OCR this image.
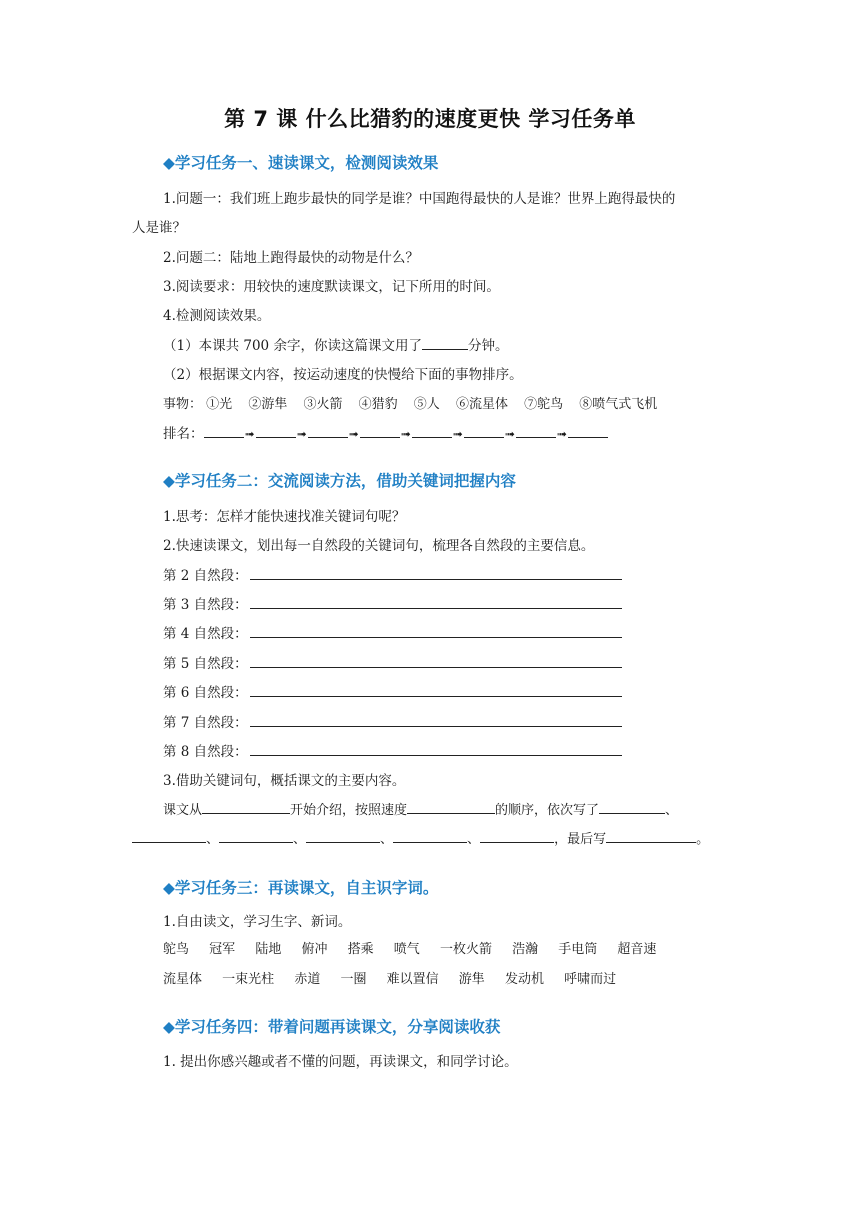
第 7 课 什么比猎豹的速度更快 学习任务单
◆学习任务一、速读课文，检测阅读效果
1.问题一：我们班上跑步最快的同学是谁？中国跑得最快的人是谁？世界上跑得最快的
人是谁？
2.问题二：陆地上跑得最快的动物是什么？
3.阅读要求：用较快的速度默读课文，记下所用的时间。
4.检测阅读效果。
（1）本课共 700 余字，你读这篇课文用了	分钟。
（2）根据课文内容，按运动速度的快慢给下面的事物排序。
事物： ①光 ②游隼 ③火箭 ④猎豹 ⑤人 ⑥流星体 ⑦鸵鸟 ⑧喷气式飞机
排名：	➟	➟	➟	➟	➟	➟	➟
◆学习任务二：交流阅读方法，借助关键词把握内容
1.思考：怎样才能快速找准关键词句呢？
2.快速读课文，划出每一自然段的关键词句，梳理各自然段的主要信息。
第 2 自然段：
第 3 自然段：
第 4 自然段：
第 5 自然段：
第 6 自然段：
第 7 自然段：
第 8 自然段：
3.借助关键词句，概括课文的主要内容。
课文从	开始介绍，按照速度	的顺序，依次写了	、
、	、	、	、	，最后写	。
◆学习任务三：再读课文，自主识字词。
1.自由读文，学习生字、新词。
鸵鸟 冠军 陆地 俯冲 搭乘 喷气 一枚火箭 浩瀚 手电筒 超音速
流星体 一束光柱 赤道 一圈 难以置信 游隼 发动机 呼啸而过
◆学习任务四：带着问题再读课文，分享阅读收获
1. 提出你感兴趣或者不懂的问题，再读课文，和同学讨论。
